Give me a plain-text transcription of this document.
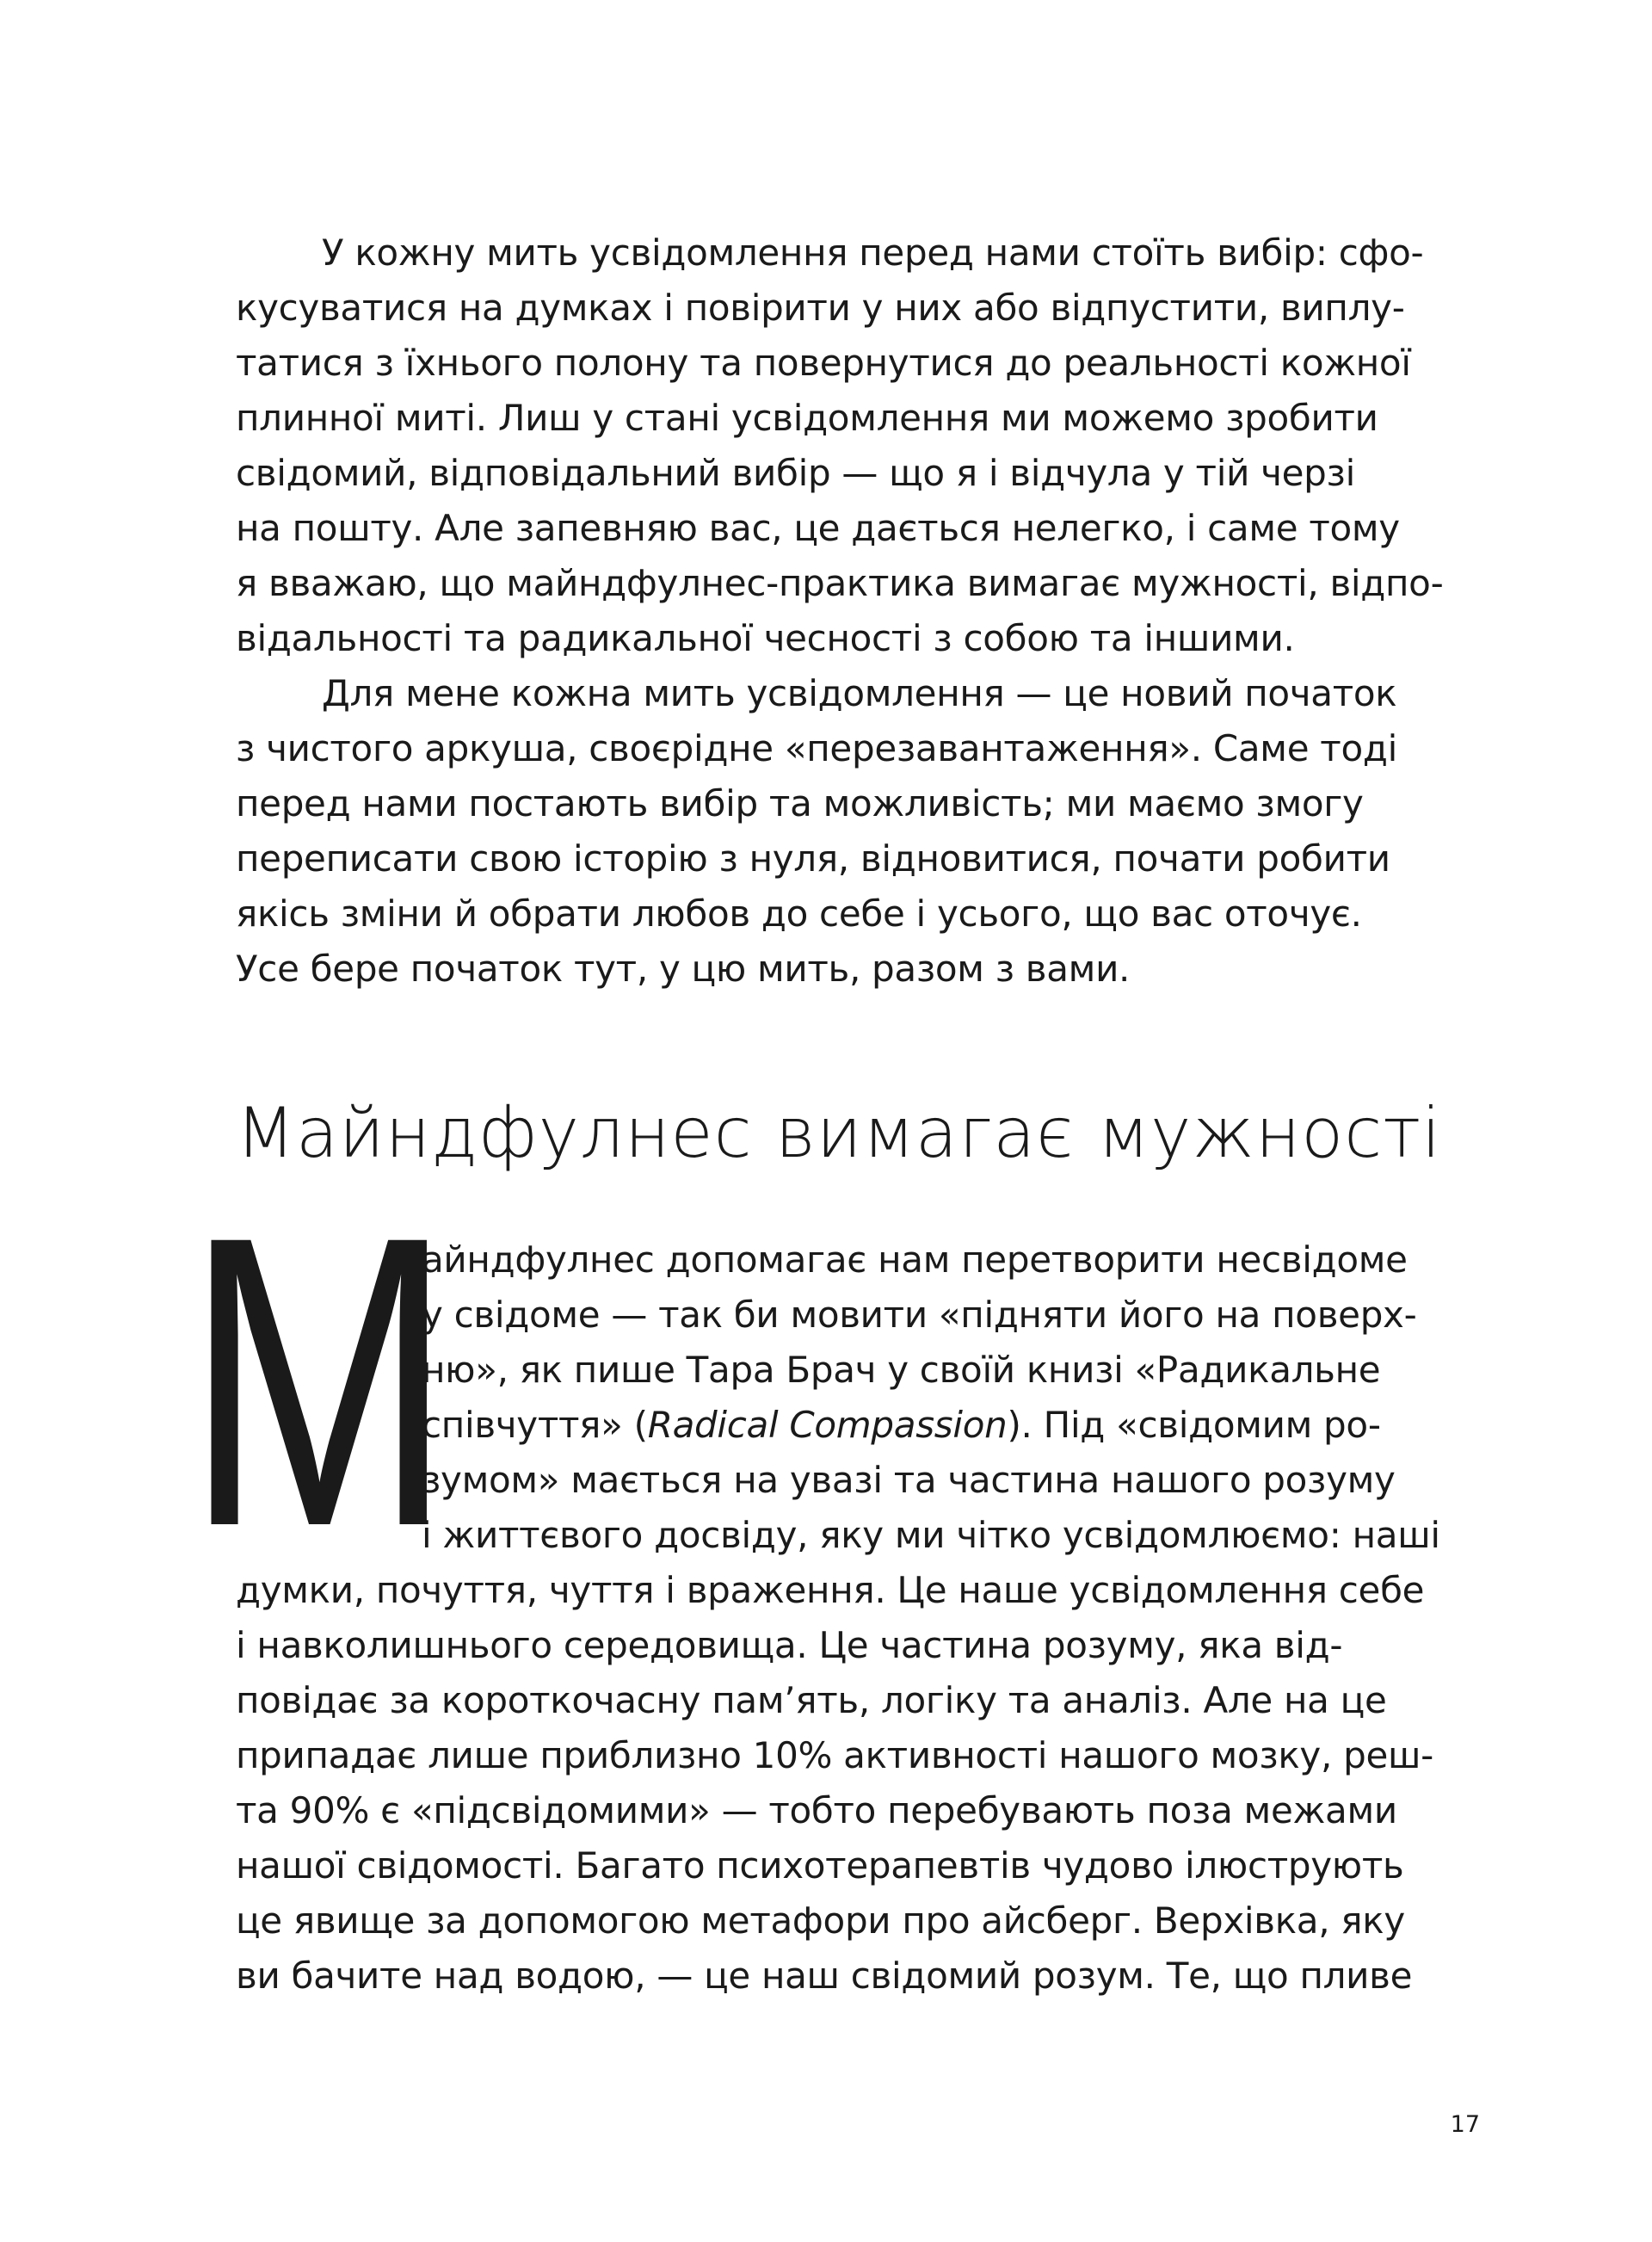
У кожну мить усвідомлення перед нами стоїть вибір: сфо-
кусуватися на думках і повірити у них або відпустити, виплу-
татися з їхнього полону та повернутися до реальності кожної
плинної миті. Лиш у стані усвідомлення ми можемо зробити
свідомий, відповідальний вибір — що я і відчула у тій черзі
на пошту. Але запевняю вас, це дається нелегко, і саме тому
я вважаю, що майндфулнес-практика вимагає мужності, відпо-
відальності та радикальної чесності з собою та іншими.
Для мене кожна мить усвідомлення — це новий початок
з чистого аркуша, своєрідне «перезавантаження». Саме тоді
перед нами постають вибір та можливість; ми маємо змогу
переписати свою історію з нуля, відновитися, почати робити
якісь зміни й обрати любов до себе і усього, що вас оточує.
Усе бере початок тут, у цю мить, разом з вами.
Майндфулнес вимагає мужності
М
айндфулнес допомагає нам перетворити несвідоме
у свідоме — так би мовити «підняти його на поверх-
ню», як пише Тара Брач у своїй книзі «Радикальне
співчуття» (Radical Compassion). Під «свідомим ро-
зумом» мається на увазі та частина нашого розуму
і життєвого досвіду, яку ми чітко усвідомлюємо: наші
думки, почуття, чуття і враження. Це наше усвідомлення себе
і навколишнього середовища. Це частина розуму, яка від-
повідає за короткочасну пам’ять, логіку та аналіз. Але на це
припадає лише приблизно 10% активності нашого мозку, реш-
та 90% є «підсвідомими» — тобто перебувають поза межами
нашої свідомості. Багато психотерапевтів чудово ілюструють
це явище за допомогою метафори про айсберг. Верхівка, яку
ви бачите над водою, — це наш свідомий розум. Те, що пливе
17
